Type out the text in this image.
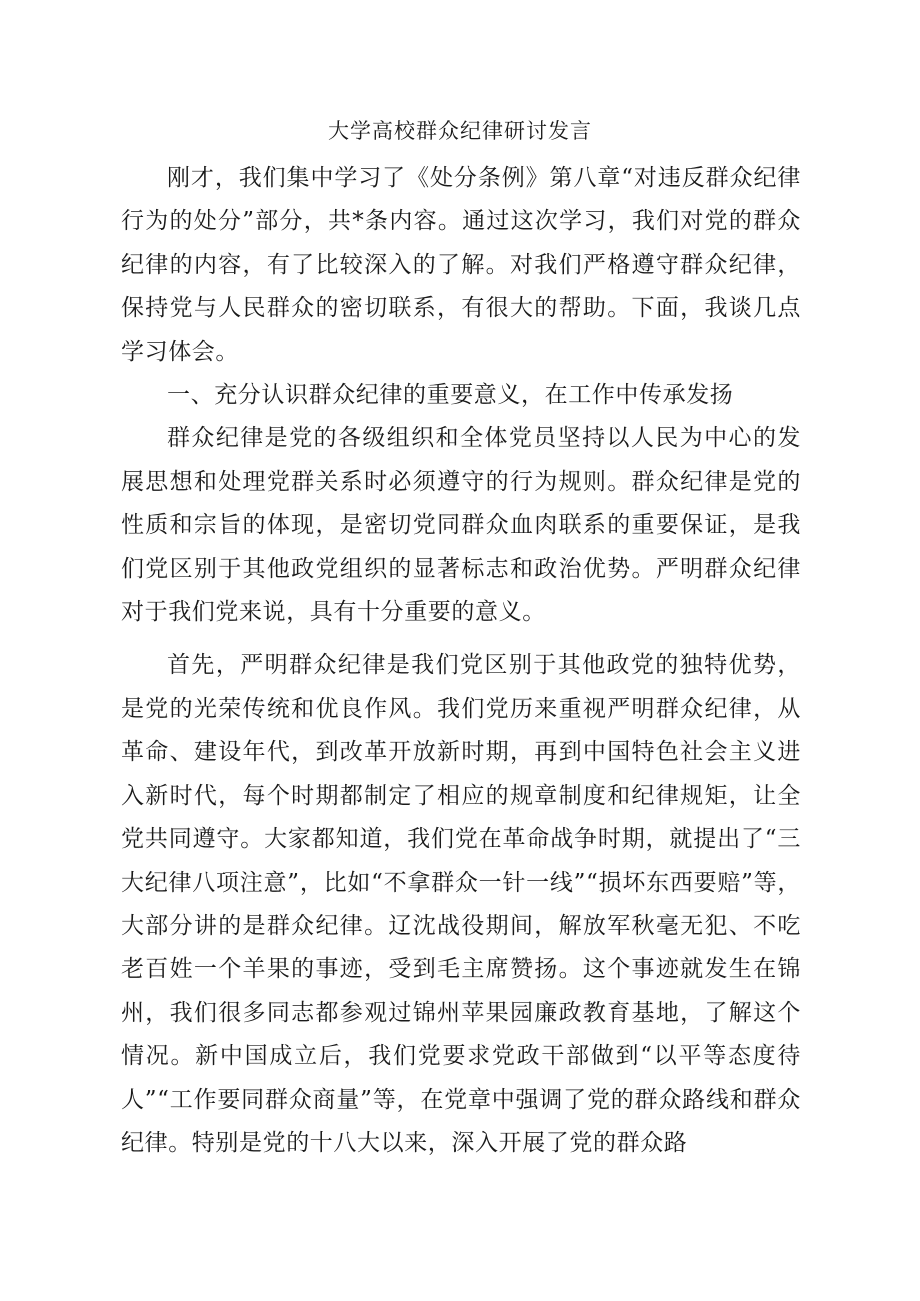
大学高校群众纪律研讨发言

刚才，我们集中学习了《处分条例》第八章“对违反群众纪律行为的处分”部分，共*条内容。通过这次学习，我们对党的群众纪律的内容，有了比较深入的了解。对我们严格遵守群众纪律，保持党与人民群众的密切联系，有很大的帮助。下面，我谈几点学习体会。

一、充分认识群众纪律的重要意义，在工作中传承发扬

群众纪律是党的各级组织和全体党员坚持以人民为中心的发展思想和处理党群关系时必须遵守的行为规则。群众纪律是党的性质和宗旨的体现，是密切党同群众血肉联系的重要保证，是我们党区别于其他政党组织的显著标志和政治优势。严明群众纪律对于我们党来说，具有十分重要的意义。

首先，严明群众纪律是我们党区别于其他政党的独特优势，是党的光荣传统和优良作风。我们党历来重视严明群众纪律，从革命、建设年代，到改革开放新时期，再到中国特色社会主义进入新时代，每个时期都制定了相应的规章制度和纪律规矩，让全党共同遵守。大家都知道，我们党在革命战争时期，就提出了“三大纪律八项注意”，比如“不拿群众一针一线”“损坏东西要赔”等，大部分讲的是群众纪律。辽沈战役期间，解放军秋毫无犯、不吃老百姓一个羊果的事迹，受到毛主席赞扬。这个事迹就发生在锦州，我们很多同志都参观过锦州苹果园廉政教育基地，了解这个情况。新中国成立后，我们党要求党政干部做到“以平等态度待人”“工作要同群众商量”等，在党章中强调了党的群众路线和群众纪律。特别是党的十八大以来，深入开展了党的群众路
